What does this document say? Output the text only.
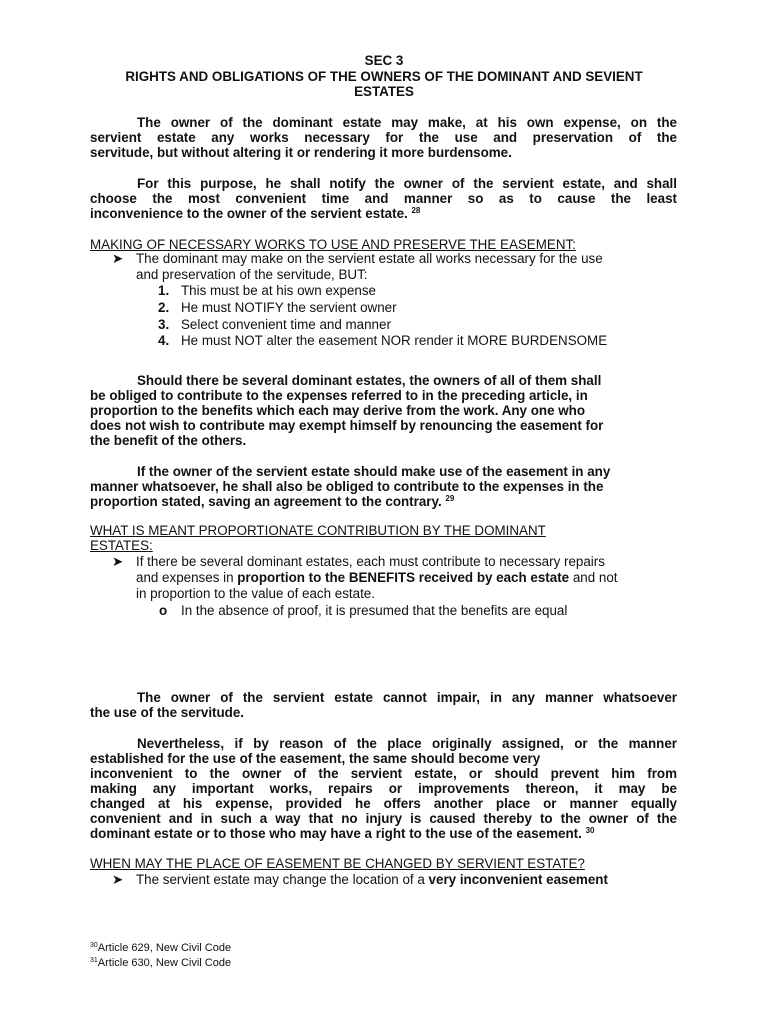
SEC 3
RIGHTS AND OBLIGATIONS OF THE OWNERS OF THE DOMINANT AND SEVIENT
ESTATES
The owner of the dominant estate may make, at his own expense, on the
servient estate any works necessary for the use and preservation of the
servitude, but without altering it or rendering it more burdensome.
For this purpose, he shall notify the owner of the servient estate, and shall
choose the most convenient time and manner so as to cause the least
inconvenience to the owner of the servient estate. $^{28}$
MAKING OF NECESSARY WORKS TO USE AND PRESERVE THE EASEMENT:
➤ The dominant may make on the servient estate all works necessary for the use
and preservation of the servitude, BUT:
1. This must be at his own expense
2. He must NOTIFY the servient owner
3. Select convenient time and manner
4. He must NOT alter the easement NOR render it MORE BURDENSOME
Should there be several dominant estates, the owners of all of them shall
be obliged to contribute to the expenses referred to in the preceding article, in
proportion to the benefits which each may derive from the work. Any one who
does not wish to contribute may exempt himself by renouncing the easement for
the benefit of the others.
If the owner of the servient estate should make use of the easement in any
manner whatsoever, he shall also be obliged to contribute to the expenses in the
proportion stated, saving an agreement to the contrary. $^{29}$
WHAT IS MEANT PROPORTIONATE CONTRIBUTION BY THE DOMINANT
ESTATES:
➤ If there be several dominant estates, each must contribute to necessary repairs
and expenses in proportion to the BENEFITS received by each estate and not
in proportion to the value of each estate.
o In the absence of proof, it is presumed that the benefits are equal
The owner of the servient estate cannot impair, in any manner whatsoever
the use of the servitude.
Nevertheless, if by reason of the place originally assigned, or the manner
established for the use of the easement, the same should become very
inconvenient to the owner of the servient estate, or should prevent him from
making any important works, repairs or improvements thereon, it may be
changed at his expense, provided he offers another place or manner equally
convenient and in such a way that no injury is caused thereby to the owner of the
dominant estate or to those who may have a right to the use of the easement. $^{30}$
WHEN MAY THE PLACE OF EASEMENT BE CHANGED BY SERVIENT ESTATE?
➤ The servient estate may change the location of a very inconvenient easement
$^{30}$Article 629, New Civil Code
$^{31}$Article 630, New Civil Code
